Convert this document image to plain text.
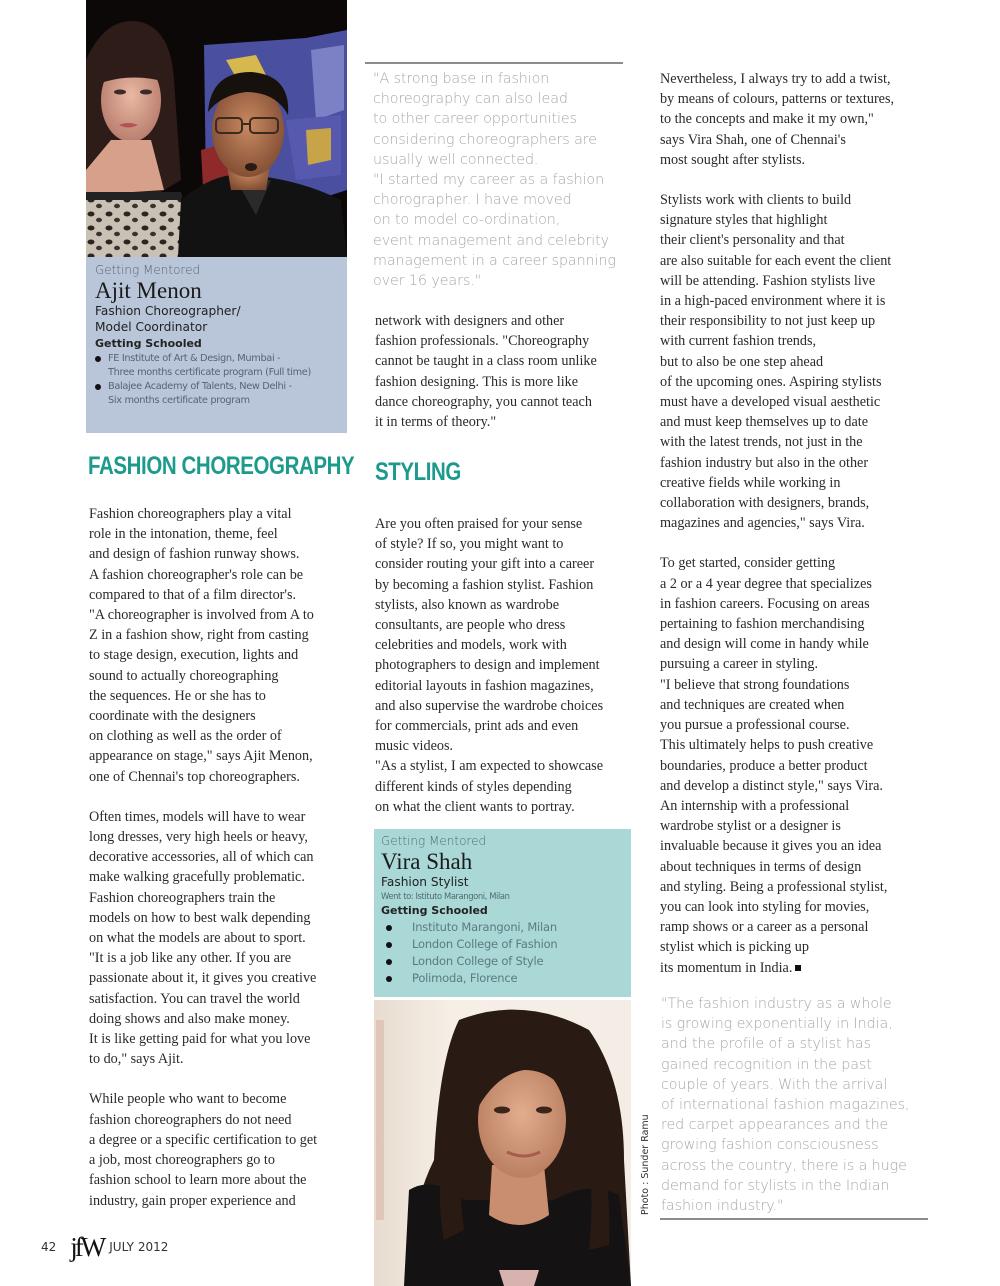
Getting Mentored
Ajit Menon
Fashion Choreographer/
Model Coordinator
Getting Schooled
FE Institute of Art & Design, Mumbai -
Three months certificate program (Full time)
Balajee Academy of Talents, New Delhi -
Six months certificate program
"A strong base in fashion
choreography can also lead
to other career opportunities
considering choreographers are
usually well connected.
"I started my career as a fashion
chorographer. I have moved
on to model co-ordination,
event management and celebrity
management in a career spanning
over 16 years."
FASHION CHOREOGRAPHY

Fashion choreographers play a vital
role in the intonation, theme, feel
and design of fashion runway shows.
A fashion choreographer's role can be
compared to that of a film director's.
"A choreographer is involved from A to
Z in a fashion show, right from casting
to stage design, execution, lights and
sound to actually choreographing
the sequences. He or she has to
coordinate with the designers
on clothing as well as the order of
appearance on stage," says Ajit Menon,
one of Chennai's top choreographers.

Often times, models will have to wear
long dresses, very high heels or heavy,
decorative accessories, all of which can
make walking gracefully problematic.
Fashion choreographers train the
models on how to best walk depending
on what the models are about to sport.
"It is a job like any other. If you are
passionate about it, it gives you creative
satisfaction. You can travel the world
doing shows and also make money.
It is like getting paid for what you love
to do," says Ajit.

While people who want to become
fashion choreographers do not need
a degree or a specific certification to get
a job, most choreographers go to
fashion school to learn more about the
industry, gain proper experience and

network with designers and other
fashion professionals. "Choreography
cannot be taught in a class room unlike
fashion designing. This is more like
dance choreography, you cannot teach
it in terms of theory."
STYLING
Are you often praised for your sense
of style? If so, you might want to
consider routing your gift into a career
by becoming a fashion stylist. Fashion
stylists, also known as wardrobe
consultants, are people who dress
celebrities and models, work with
photographers to design and implement
editorial layouts in fashion magazines,
and also supervise the wardrobe choices
for commercials, print ads and even
music videos.
"As a stylist, I am expected to showcase
different kinds of styles depending
on what the client wants to portray.
Getting Mentored
Vira Shah
Fashion Stylist
Went to: Istituto Marangoni, Milan
Getting Schooled
Instituto Marangoni, Milan
London College of Fashion
London College of Style
Polimoda, Florence
Photo : Sunder Ramu

Nevertheless, I always try to add a twist,
by means of colours, patterns or textures,
to the concepts and make it my own,"
says Vira Shah, one of Chennai's
most sought after stylists.

Stylists work with clients to build
signature styles that highlight
their client's personality and that
are also suitable for each event the client
will be attending. Fashion stylists live
in a high-paced environment where it is
their responsibility to not just keep up
with current fashion trends,
but to also be one step ahead
of the upcoming ones. Aspiring stylists
must have a developed visual aesthetic
and must keep themselves up to date
with the latest trends, not just in the
fashion industry but also in the other
creative fields while working in
collaboration with designers, brands,
magazines and agencies," says Vira.

To get started, consider getting
a 2 or a 4 year degree that specializes
in fashion careers. Focusing on areas
pertaining to fashion merchandising
and design will come in handy while
pursuing a career in styling.
"I believe that strong foundations
and techniques are created when
you pursue a professional course.
This ultimately helps to push creative
boundaries, produce a better product
and develop a distinct style," says Vira.
An internship with a professional
wardrobe stylist or a designer is
invaluable because it gives you an idea
about techniques in terms of design
and styling. Being a professional stylist,
you can look into styling for movies,
ramp shows or a career as a personal
stylist which is picking up
its momentum in India.

"The fashion industry as a whole
is growing exponentially in India,
and the profile of a stylist has
gained recognition in the past
couple of years. With the arrival
of international fashion magazines,
red carpet appearances and the
growing fashion consciousness
across the country, there is a huge
demand for stylists in the Indian
fashion industry."
42 jfW JULY 2012
